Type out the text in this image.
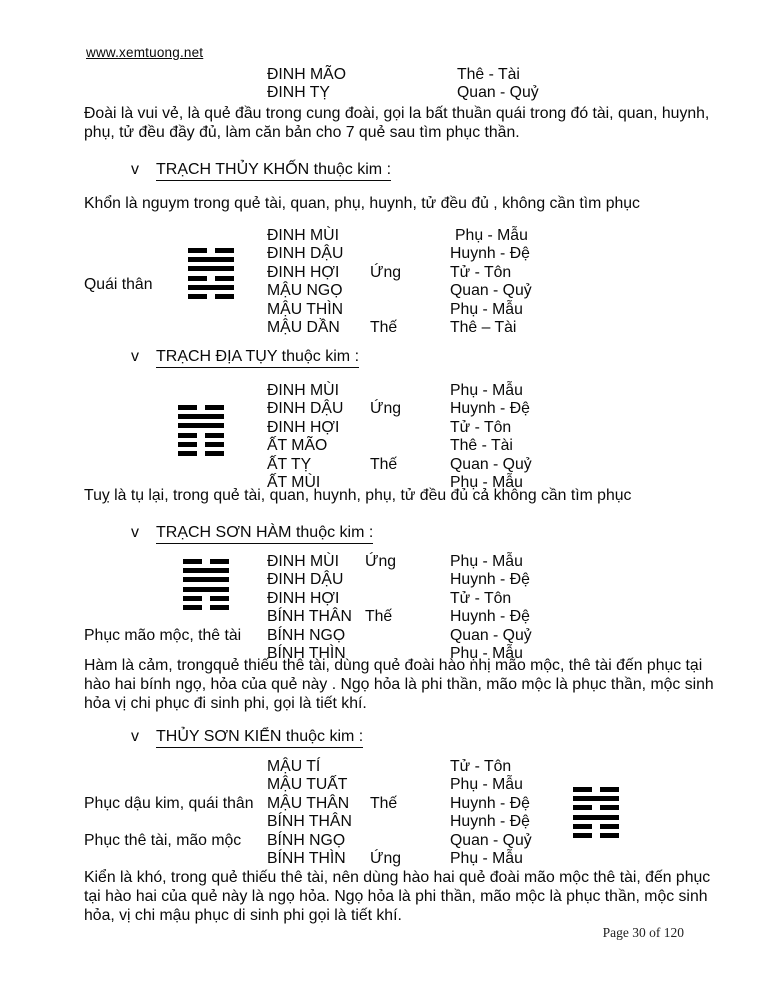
www.xemtuong.net
ĐINH MÃO	Thê - Tài
ĐINH TỴ	Quan - Quỷ
Đoài là vui vẻ, là quẻ đầu trong cung đoài, gọi la bất thuần quái trong đó tài, quan, huynh,
phụ, tử đều đầy đủ, làm căn bản cho 7 quẻ sau tìm phục thần.
v	TRẠCH THỦY KHỐN thuộc kim :
Khổn là nguym trong quẻ tài, quan, phụ, huynh, tử đều đủ , không cần tìm phục
Quái thân
ĐINH MÙI	Phụ - Mẫu
ĐINH DẬU	Huynh - Đệ
ĐINH HỢI Ứng	Tử - Tôn
MẬU NGỌ	Quan - Quỷ
MẬU THÌN	Phụ - Mẫu
MẬU DẦN Thế	Thê – Tài
v	TRẠCH ĐỊA TỤY thuộc kim :
ĐINH MÙI	Phụ - Mẫu
ĐINH DẬU Ứng	Huynh - Đệ
ĐINH HỢI	Tử - Tôn
ẤT MÃO	Thê - Tài
ẤT TỴ	Thế	Quan - Quỷ
ẤT MÙI	Phụ - Mẫu
Tuỵ là tụ lại, trong quẻ tài, quan, huynh, phụ, tử đều đủ cả không cần tìm phục
v	TRẠCH SƠN HÀM thuộc kim :
Phục mão mộc, thê tài
ĐINH MÙI Ứng	Phụ - Mẫu
ĐINH DẬU	Huynh - Đệ
ĐINH HỢI	Tử - Tôn
BÍNH THÂN Thế	Huynh - Đệ
BÍNH NGỌ	Quan - Quỷ
BÍNH THÌN	Phụ - Mẫu
Hàm là cảm, trongquẻ thiếu thê tài, dùng quẻ đoài hào nhị mão mộc, thê tài đến phục tại
hào hai bính ngọ, hỏa của quẻ này . Ngọ hỏa là phi thần, mão mộc là phục thần, mộc sinh
hỏa vị chi phục đi sinh phi, gọi là tiết khí.
v	THỦY SƠN KIỂN thuộc kim :
Phục dậu kim, quái thân
Phục thê tài, mão mộc
MẬU TÍ	Tử - Tôn
MẬU TUẤT	Phụ - Mẫu
MẬU THÂN Thế	Huynh - Đệ
BÍNH THÂN	Huynh - Đệ
BÍNH NGỌ	Quan - Quỷ
BÍNH THÌN Ứng	Phụ - Mẫu
Kiển là khó, trong quẻ thiếu thê tài, nên dùng hào hai quẻ đoài mão mộc thê tài, đến phục
tại hào hai của quẻ này là ngọ hỏa. Ngọ hỏa là phi thần, mão mộc là phục thần, mộc sinh
hỏa, vị chi mậu phục di sinh phi gọi là tiết khí.
Page 30 of 120
